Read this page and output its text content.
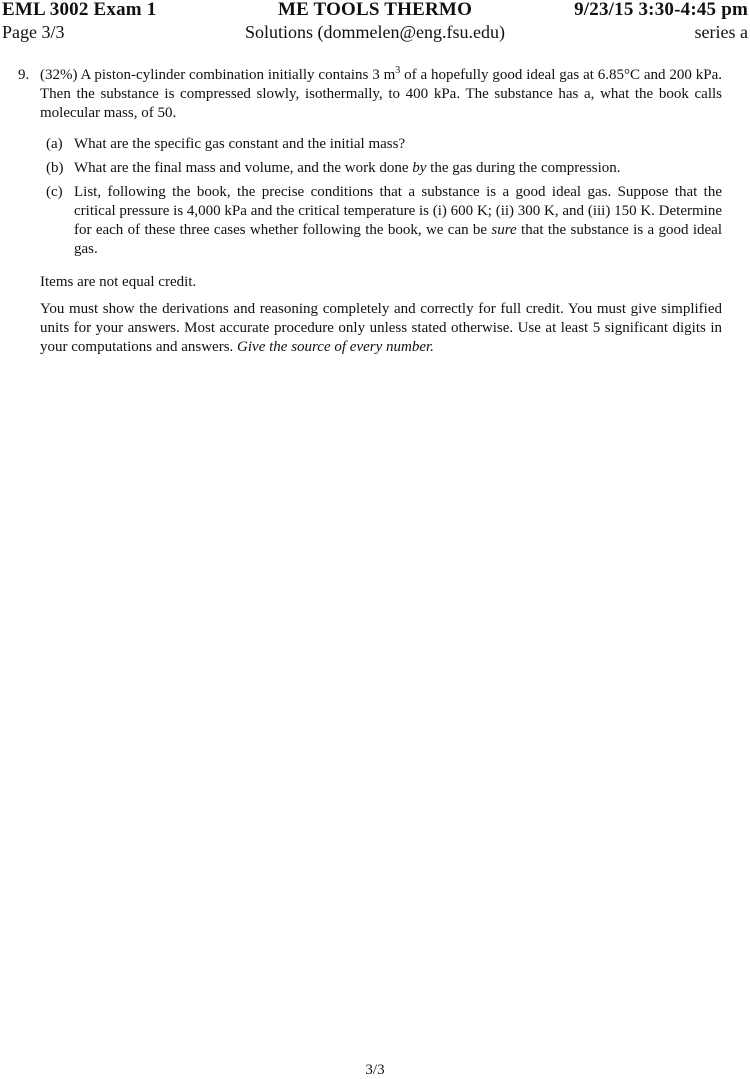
EML 3002 Exam 1	ME TOOLS THERMO	9/23/15 3:30-4:45 pm
Page 3/3	Solutions (dommelen@eng.fsu.edu)	series a
9. (32%) A piston-cylinder combination initially contains 3 $m^3$ of a hopefully good ideal gas at 6.85°C and 200 kPa. Then the substance is compressed slowly, isothermally, to 400 kPa. The substance has a, what the book calls molecular mass, of 50.
(a) What are the specific gas constant and the initial mass?
(b) What are the final mass and volume, and the work done by the gas during the compression.
(c) List, following the book, the precise conditions that a substance is a good ideal gas. Suppose that the critical pressure is 4,000 kPa and the critical temperature is (i) 600 K; (ii) 300 K, and (iii) 150 K. Determine for each of these three cases whether following the book, we can be sure that the substance is a good ideal gas.
Items are not equal credit.
You must show the derivations and reasoning completely and correctly for full credit. You must give simplified units for your answers. Most accurate procedure only unless stated otherwise. Use at least 5 significant digits in your computations and answers. Give the source of every number.
3/3
